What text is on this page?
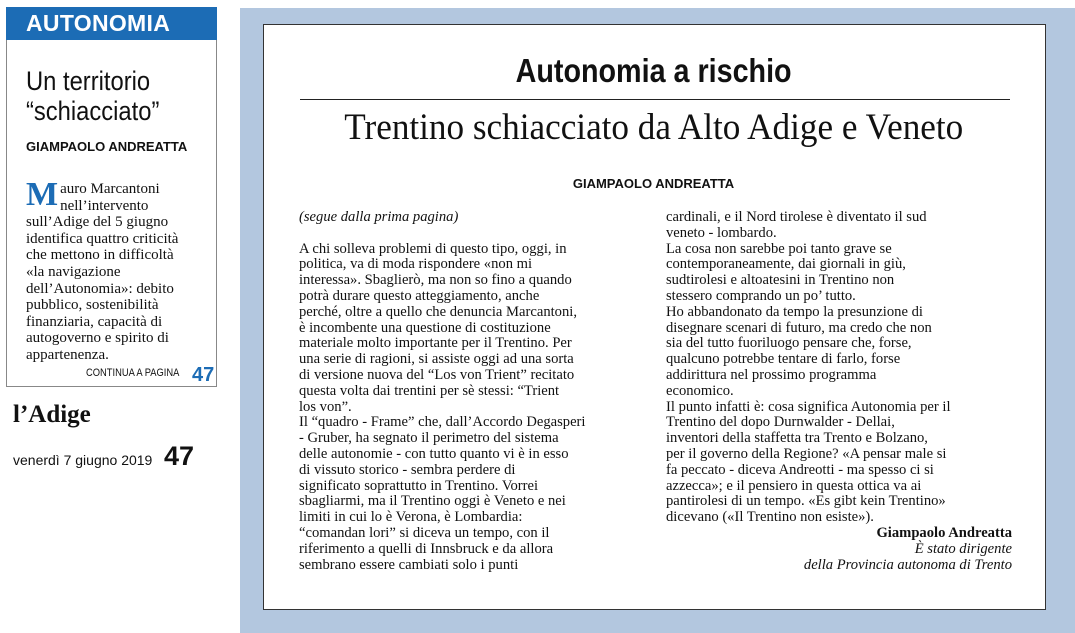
AUTONOMIA
Un territorio
“schiacciato”
GIAMPAOLO ANDREATTA
M auro Marcantoni
nell’intervento
sull’Adige del 5 giugno
identifica quattro criticità
che mettono in difficoltà
«la navigazione
dell’Autonomia»: debito
pubblico, sostenibilità
finanziaria, capacità di
autogoverno e spirito di
appartenenza.
CONTINUA A PAGINA 47
l’Adige
venerdì 7 giugno 2019 47
Autonomia a rischio
Trentino schiacciato da Alto Adige e Veneto
GIAMPAOLO ANDREATTA

(segue dalla prima pagina)

A chi solleva problemi di questo tipo, oggi, in
politica, va di moda rispondere «non mi
interessa». Sbaglierò, ma non so fino a quando
potrà durare questo atteggiamento, anche
perché, oltre a quello che denuncia Marcantoni,
è incombente una questione di costituzione
materiale molto importante per il Trentino. Per
una serie di ragioni, si assiste oggi ad una sorta
di versione nuova del “Los von Trient” recitato
questa volta dai trentini per sè stessi: “Trient
los von”.
Il “quadro - Frame” che, dall’Accordo Degasperi
- Gruber, ha segnato il perimetro del sistema
delle autonomie - con tutto quanto vi è in esso
di vissuto storico - sembra perdere di
significato soprattutto in Trentino. Vorrei
sbagliarmi, ma il Trentino oggi è Veneto e nei
limiti in cui lo è Verona, è Lombardia:
“comandan lori” si diceva un tempo, con il
riferimento a quelli di Innsbruck e da allora
sembrano essere cambiati solo i punti
cardinali, e il Nord tirolese è diventato il sud
veneto - lombardo.
La cosa non sarebbe poi tanto grave se
contemporaneamente, dai giornali in giù,
sudtirolesi e altoatesini in Trentino non
stessero comprando un po’ tutto.
Ho abbandonato da tempo la presunzione di
disegnare scenari di futuro, ma credo che non
sia del tutto fuoriluogo pensare che, forse,
qualcuno potrebbe tentare di farlo, forse
addirittura nel prossimo programma
economico.
Il punto infatti è: cosa significa Autonomia per il
Trentino del dopo Durnwalder - Dellai,
inventori della staffetta tra Trento e Bolzano,
per il governo della Regione? «A pensar male si
fa peccato - diceva Andreotti - ma spesso ci si
azzecca»; e il pensiero in questa ottica va ai
pantirolesi di un tempo. «Es gibt kein Trentino»
dicevano («Il Trentino non esiste»).

Giampaolo Andreatta

È stato dirigente

della Provincia autonoma di Trento
